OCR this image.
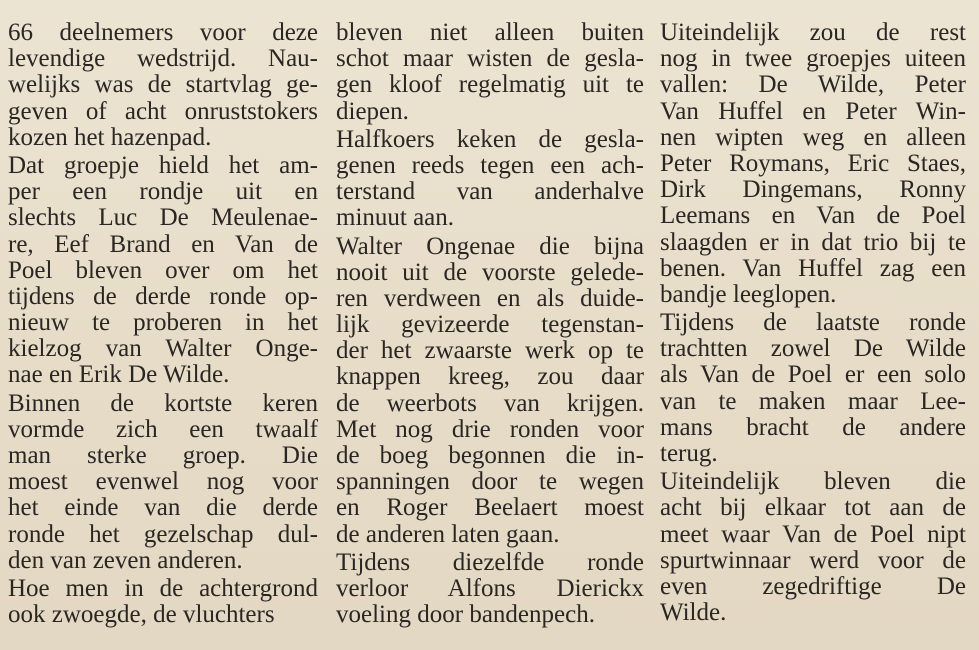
66 deelnemers voor deze
levendige wedstrijd. Nau-
welijks was de startvlag ge-
geven of acht onruststokers
kozen het hazenpad.
Dat groepje hield het am-
per een rondje uit en
slechts Luc De Meulenae-
re, Eef Brand en Van de
Poel bleven over om het
tijdens de derde ronde op-
nieuw te proberen in het
kielzog van Walter Onge-
nae en Erik De Wilde.
Binnen de kortste keren
vormde zich een twaalf
man sterke groep. Die
moest evenwel nog voor
het einde van die derde
ronde het gezelschap dul-
den van zeven anderen.
Hoe men in de achtergrond
ook zwoegde, de vluchters
bleven niet alleen buiten
schot maar wisten de gesla-
gen kloof regelmatig uit te
diepen.
Halfkoers keken de gesla-
genen reeds tegen een ach-
terstand van anderhalve
minuut aan.
Walter Ongenae die bijna
nooit uit de voorste gelede-
ren verdween en als duide-
lijk gevizeerde tegenstan-
der het zwaarste werk op te
knappen kreeg, zou daar
de weerbots van krijgen.
Met nog drie ronden voor
de boeg begonnen die in-
spanningen door te wegen
en Roger Beelaert moest
de anderen laten gaan.
Tijdens diezelfde ronde
verloor Alfons Dierickx
voeling door bandenpech.
Uiteindelijk zou de rest
nog in twee groepjes uiteen
vallen: De Wilde, Peter
Van Huffel en Peter Win-
nen wipten weg en alleen
Peter Roymans, Eric Staes,
Dirk Dingemans, Ronny
Leemans en Van de Poel
slaagden er in dat trio bij te
benen. Van Huffel zag een
bandje leeglopen.
Tijdens de laatste ronde
trachtten zowel De Wilde
als Van de Poel er een solo
van te maken maar Lee-
mans bracht de andere
terug.
Uiteindelijk bleven die
acht bij elkaar tot aan de
meet waar Van de Poel nipt
spurtwinnaar werd voor de
even zegedriftige De
Wilde.
